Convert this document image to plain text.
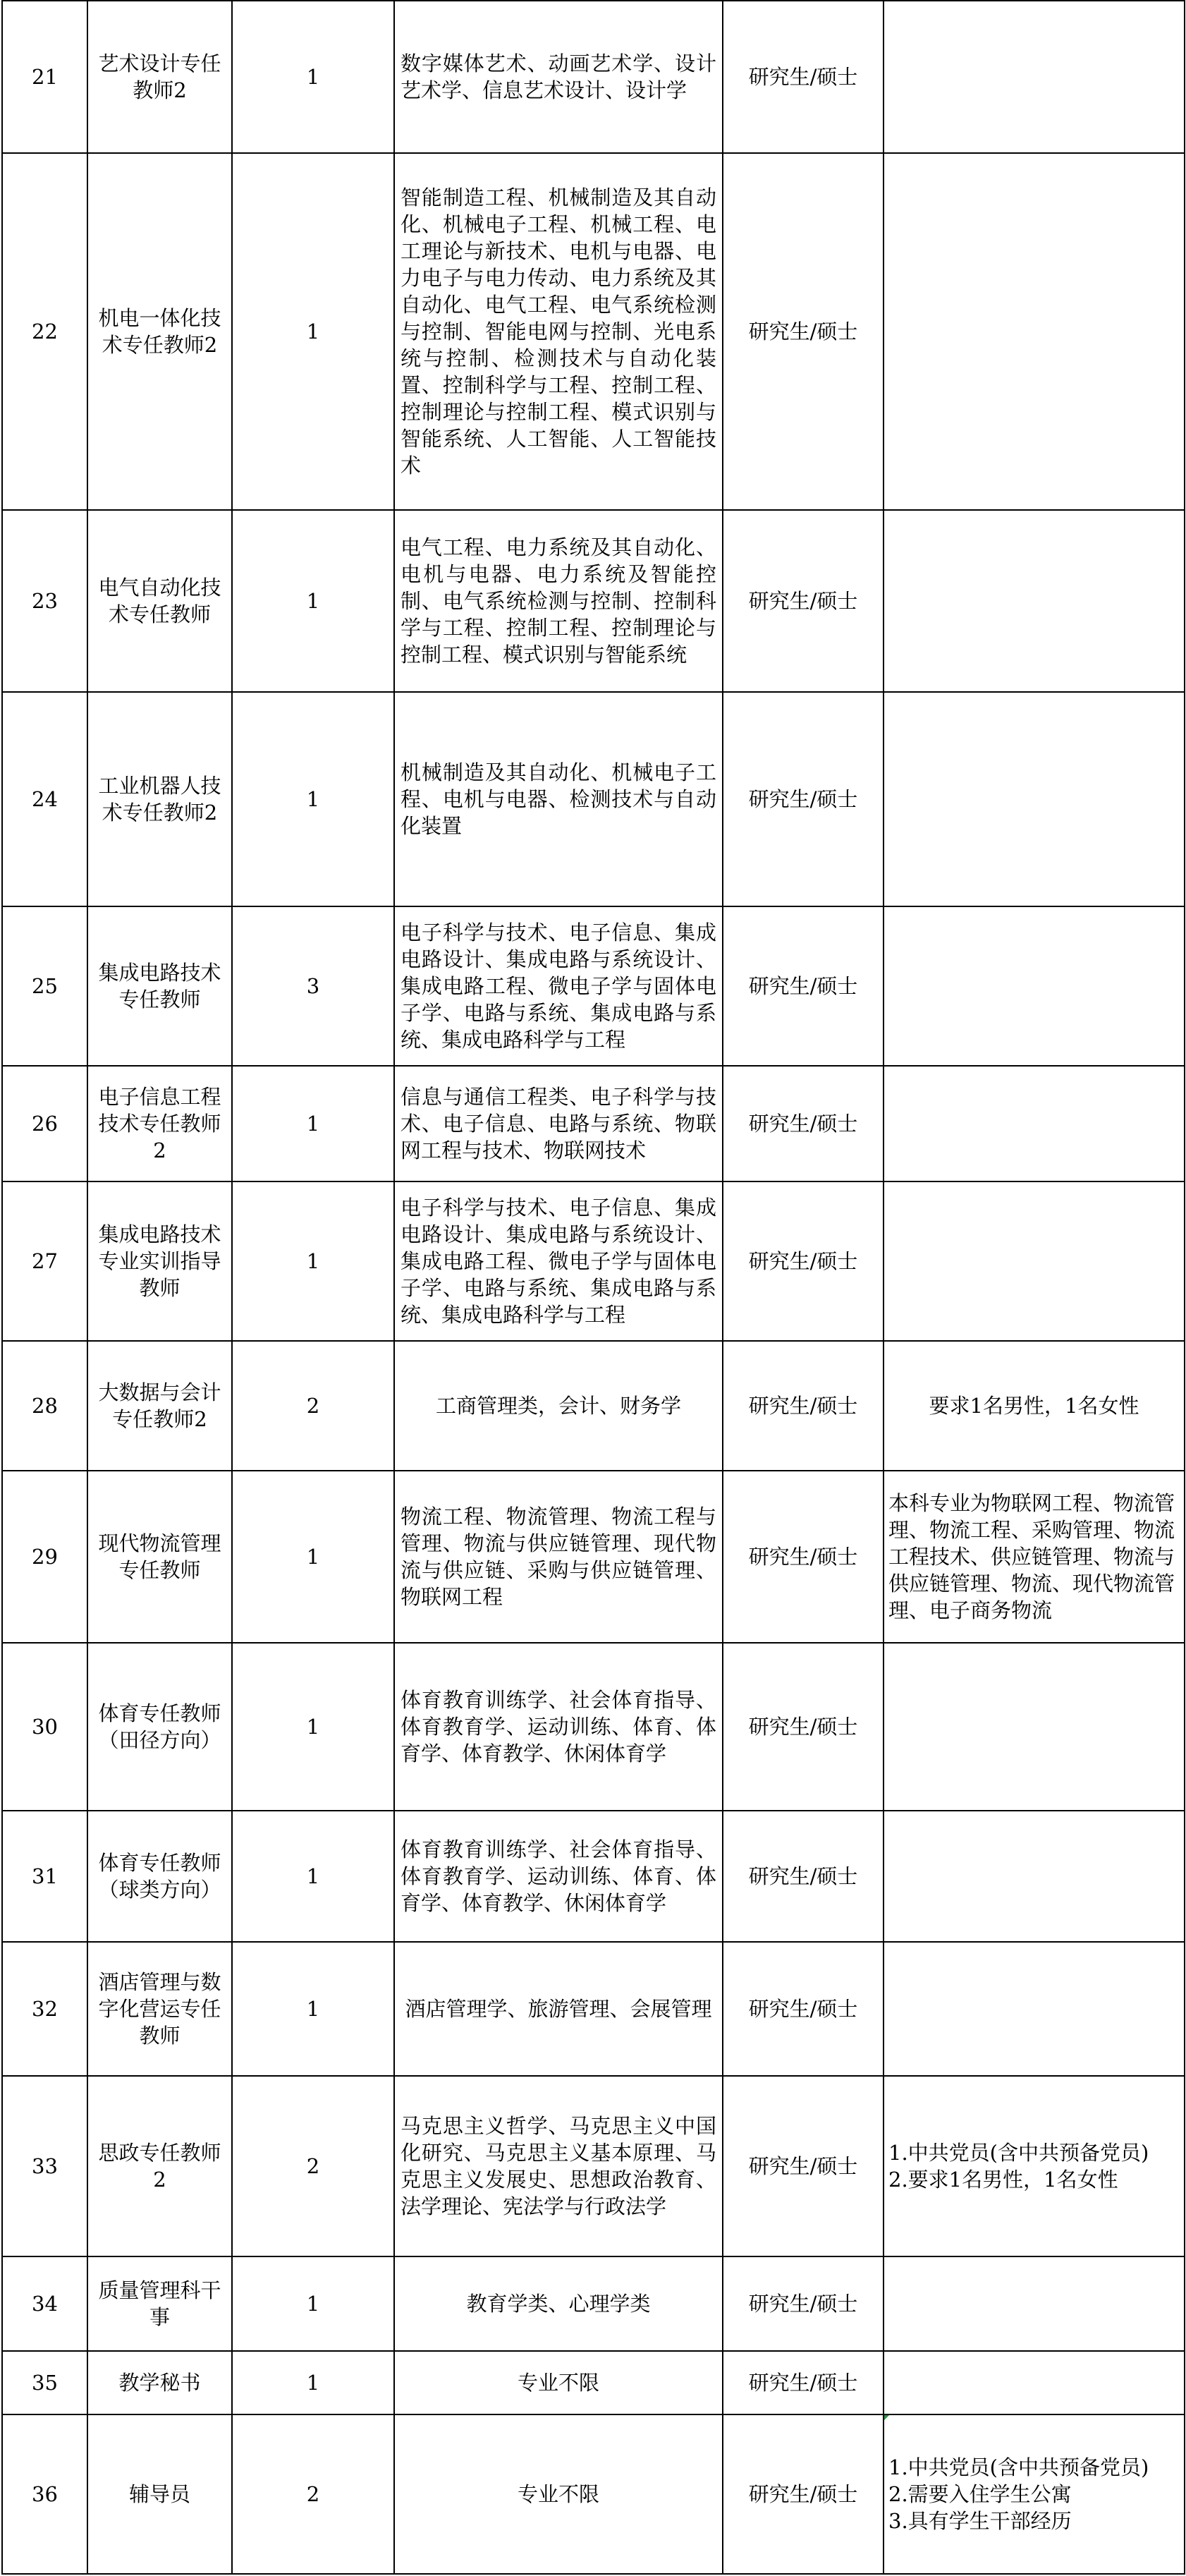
21	艺术设计专任教师2	1	数字媒体艺术、动画艺术学、设计艺术学、信息艺术设计、设计学	研究生/硕士	
22	机电一体化技术专任教师2	1	智能制造工程、机械制造及其自动化、机械电子工程、机械工程、电工理论与新技术、电机与电器、电力电子与电力传动、电力系统及其自动化、电气工程、电气系统检测与控制、智能电网与控制、光电系统与控制、检测技术与自动化装置、控制科学与工程、控制工程、控制理论与控制工程、模式识别与智能系统、人工智能、人工智能技术	研究生/硕士	
23	电气自动化技术专任教师	1	电气工程、电力系统及其自动化、电机与电器、电力系统及智能控制、电气系统检测与控制、控制科学与工程、控制工程、控制理论与控制工程、模式识别与智能系统	研究生/硕士	
24	工业机器人技术专任教师2	1	机械制造及其自动化、机械电子工程、电机与电器、检测技术与自动化装置	研究生/硕士	
25	集成电路技术专任教师	3	电子科学与技术、电子信息、集成电路设计、集成电路与系统设计、集成电路工程、微电子学与固体电子学、电路与系统、集成电路与系统、集成电路科学与工程	研究生/硕士	
26	电子信息工程技术专任教师2	1	信息与通信工程类、电子科学与技术、电子信息、电路与系统、物联网工程与技术、物联网技术	研究生/硕士	
27	集成电路技术专业实训指导教师	1	电子科学与技术、电子信息、集成电路设计、集成电路与系统设计、集成电路工程、微电子学与固体电子学、电路与系统、集成电路与系统、集成电路科学与工程	研究生/硕士	
28	大数据与会计专任教师2	2	工商管理类，会计、财务学	研究生/硕士	要求1名男性，1名女性
29	现代物流管理专任教师	1	物流工程、物流管理、物流工程与管理、物流与供应链管理、现代物流与供应链、采购与供应链管理、物联网工程	研究生/硕士	本科专业为物联网工程、物流管理、物流工程、采购管理、物流工程技术、供应链管理、物流与供应链管理、物流、现代物流管理、电子商务物流
30	体育专任教师（田径方向）	1	体育教育训练学、社会体育指导、体育教育学、运动训练、体育、体育学、体育教学、休闲体育学	研究生/硕士	
31	体育专任教师（球类方向）	1	体育教育训练学、社会体育指导、体育教育学、运动训练、体育、体育学、体育教学、休闲体育学	研究生/硕士	
32	酒店管理与数字化营运专任教师	1	酒店管理学、旅游管理、会展管理	研究生/硕士	
33	思政专任教师2	2	马克思主义哲学、马克思主义中国化研究、马克思主义基本原理、马克思主义发展史、思想政治教育、法学理论、宪法学与行政法学	研究生/硕士	1.中共党员(含中共预备党员)
2.要求1名男性，1名女性

34	质量管理科干事	1	教育学类、心理学类	研究生/硕士	
35	教学秘书	1	专业不限	研究生/硕士	
36	辅导员	2	专业不限	研究生/硕士	1.中共党员(含中共预备党员)
2.需要入住学生公寓
3.具有学生干部经历
